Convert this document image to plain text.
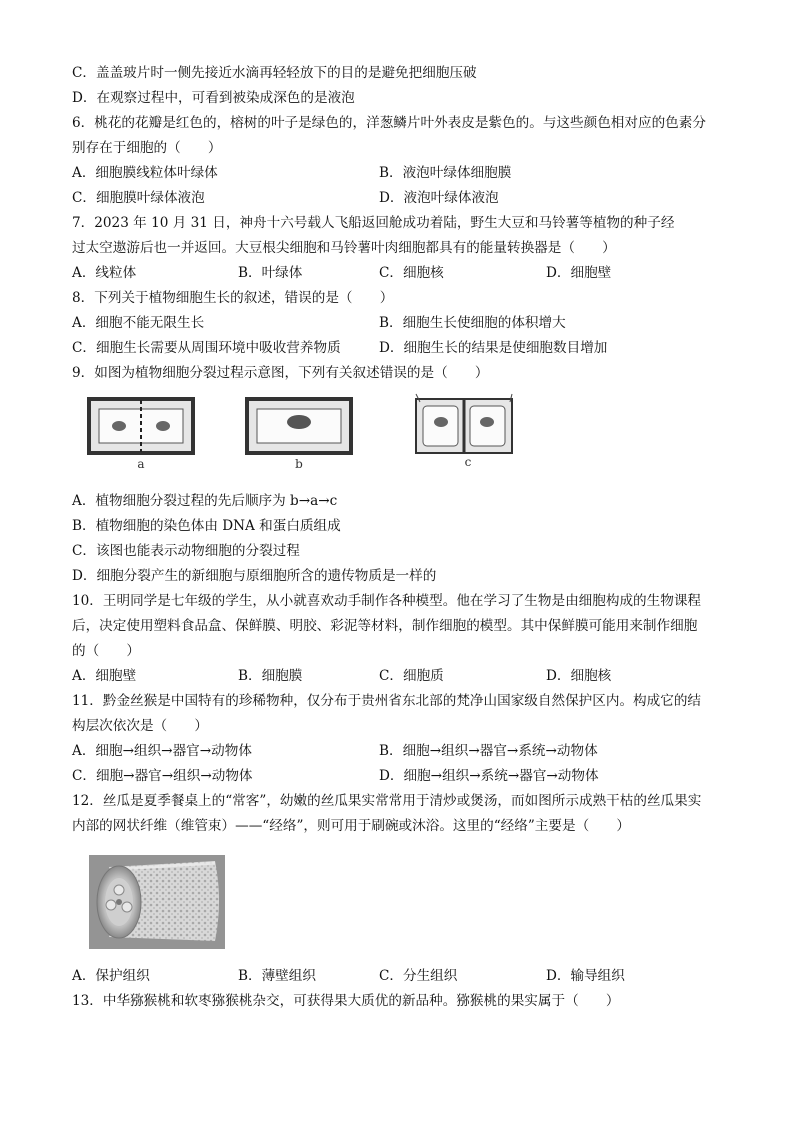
C．盖盖玻片时一侧先接近水滴再轻轻放下的目的是避免把细胞压破
D．在观察过程中，可看到被染成深色的是液泡
6．桃花的花瓣是红色的，榕树的叶子是绿色的，洋葱鳞片叶外表皮是紫色的。与这些颜色相对应的色素分
别存在于细胞的（　　）
A．细胞膜线粒体叶绿体	B．液泡叶绿体细胞膜
C．细胞膜叶绿体液泡	D．液泡叶绿体液泡
7．2023 年 10 月 31 日，神舟十六号载人飞船返回舱成功着陆，野生大豆和马铃薯等植物的种子经
过太空遨游后也一并返回。大豆根尖细胞和马铃薯叶肉细胞都具有的能量转换器是（　　）
A．线粒体	B．叶绿体	C．细胞核	D．细胞壁
8．下列关于植物细胞生长的叙述，错误的是（　　）
A．细胞不能无限生长	B．细胞生长使细胞的体积增大
C．细胞生长需要从周围环境中吸收营养物质	D．细胞生长的结果是使细胞数目增加
9．如图为植物细胞分裂过程示意图，下列有关叙述错误的是（　　）
a	b	c
A．植物细胞分裂过程的先后顺序为 b→a→c
B．植物细胞的染色体由 DNA 和蛋白质组成
C．该图也能表示动物细胞的分裂过程
D．细胞分裂产生的新细胞与原细胞所含的遗传物质是一样的
10．王明同学是七年级的学生，从小就喜欢动手制作各种模型。他在学习了生物是由细胞构成的生物课程
后，决定使用塑料食品盒、保鲜膜、明胶、彩泥等材料，制作细胞的模型。其中保鲜膜可能用来制作细胞
的（　　）
A．细胞壁	B．细胞膜	C．细胞质	D．细胞核
11．黔金丝猴是中国特有的珍稀物种，仅分布于贵州省东北部的梵净山国家级自然保护区内。构成它的结
构层次依次是（　　）
A．细胞→组织→器官→动物体	B．细胞→组织→器官→系统→动物体
C．细胞→器官→组织→动物体	D．细胞→组织→系统→器官→动物体
12．丝瓜是夏季餐桌上的“常客”，幼嫩的丝瓜果实常常用于清炒或煲汤，而如图所示成熟干枯的丝瓜果实
内部的网状纤维（维管束）——“经络”，则可用于刷碗或沐浴。这里的“经络”主要是（　　）
A．保护组织	B．薄壁组织	C．分生组织	D．输导组织
13．中华猕猴桃和软枣猕猴桃杂交，可获得果大质优的新品种。猕猴桃的果实属于（　　）
